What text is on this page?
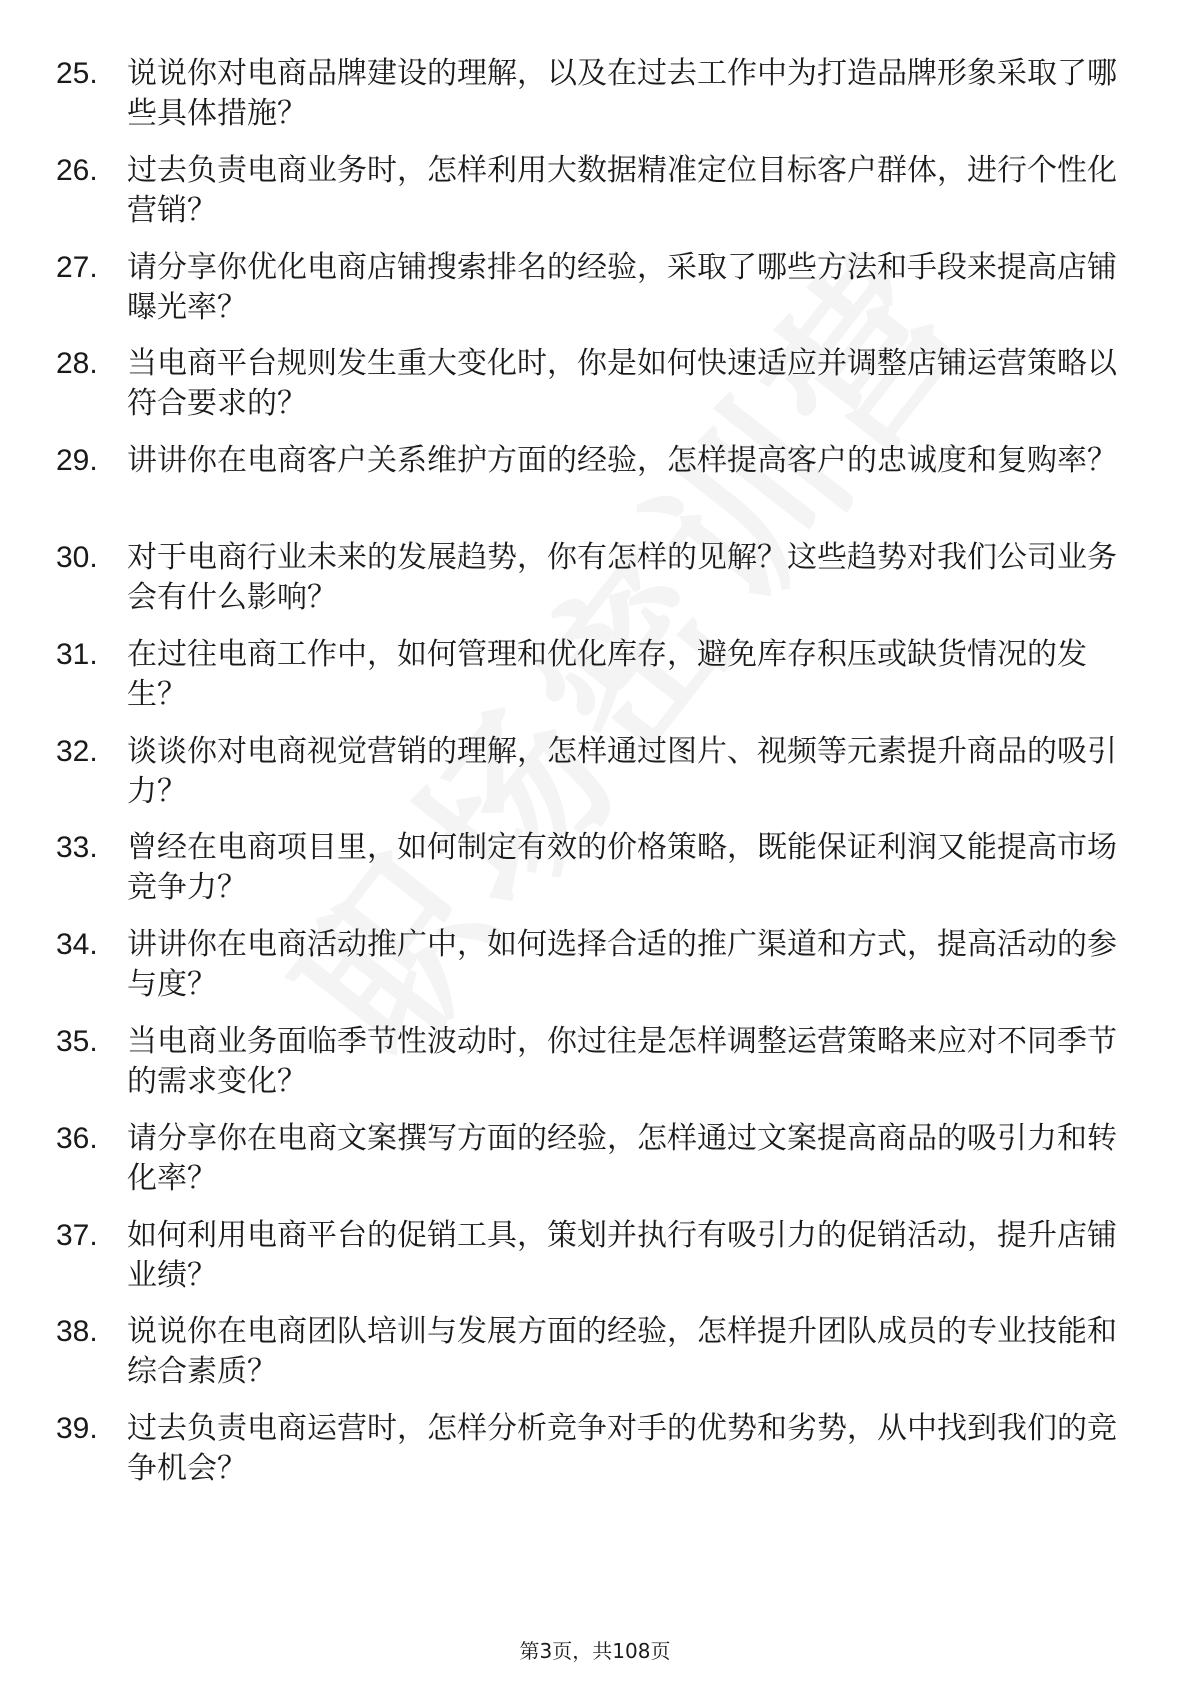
25. 说说你对电商品牌建设的理解，以及在过去工作中为打造品牌形象采取了哪些具体措施？
26. 过去负责电商业务时，怎样利用大数据精准定位目标客户群体，进行个性化营销？
27. 请分享你优化电商店铺搜索排名的经验，采取了哪些方法和手段来提高店铺曝光率？
28. 当电商平台规则发生重大变化时，你是如何快速适应并调整店铺运营策略以符合要求的？
29. 讲讲你在电商客户关系维护方面的经验，怎样提高客户的忠诚度和复购率？
30. 对于电商行业未来的发展趋势，你有怎样的见解？这些趋势对我们公司业务会有什么影响？
31. 在过往电商工作中，如何管理和优化库存，避免库存积压或缺货情况的发生？
32. 谈谈你对电商视觉营销的理解，怎样通过图片、视频等元素提升商品的吸引力？
33. 曾经在电商项目里，如何制定有效的价格策略，既能保证利润又能提高市场竞争力？
34. 讲讲你在电商活动推广中，如何选择合适的推广渠道和方式，提高活动的参与度？
35. 当电商业务面临季节性波动时，你过往是怎样调整运营策略来应对不同季节的需求变化？
36. 请分享你在电商文案撰写方面的经验，怎样通过文案提高商品的吸引力和转化率？
37. 如何利用电商平台的促销工具，策划并执行有吸引力的促销活动，提升店铺业绩？
38. 说说你在电商团队培训与发展方面的经验，怎样提升团队成员的专业技能和综合素质？
39. 过去负责电商运营时，怎样分析竞争对手的优势和劣势，从中找到我们的竞争机会？
第3页，共108页
